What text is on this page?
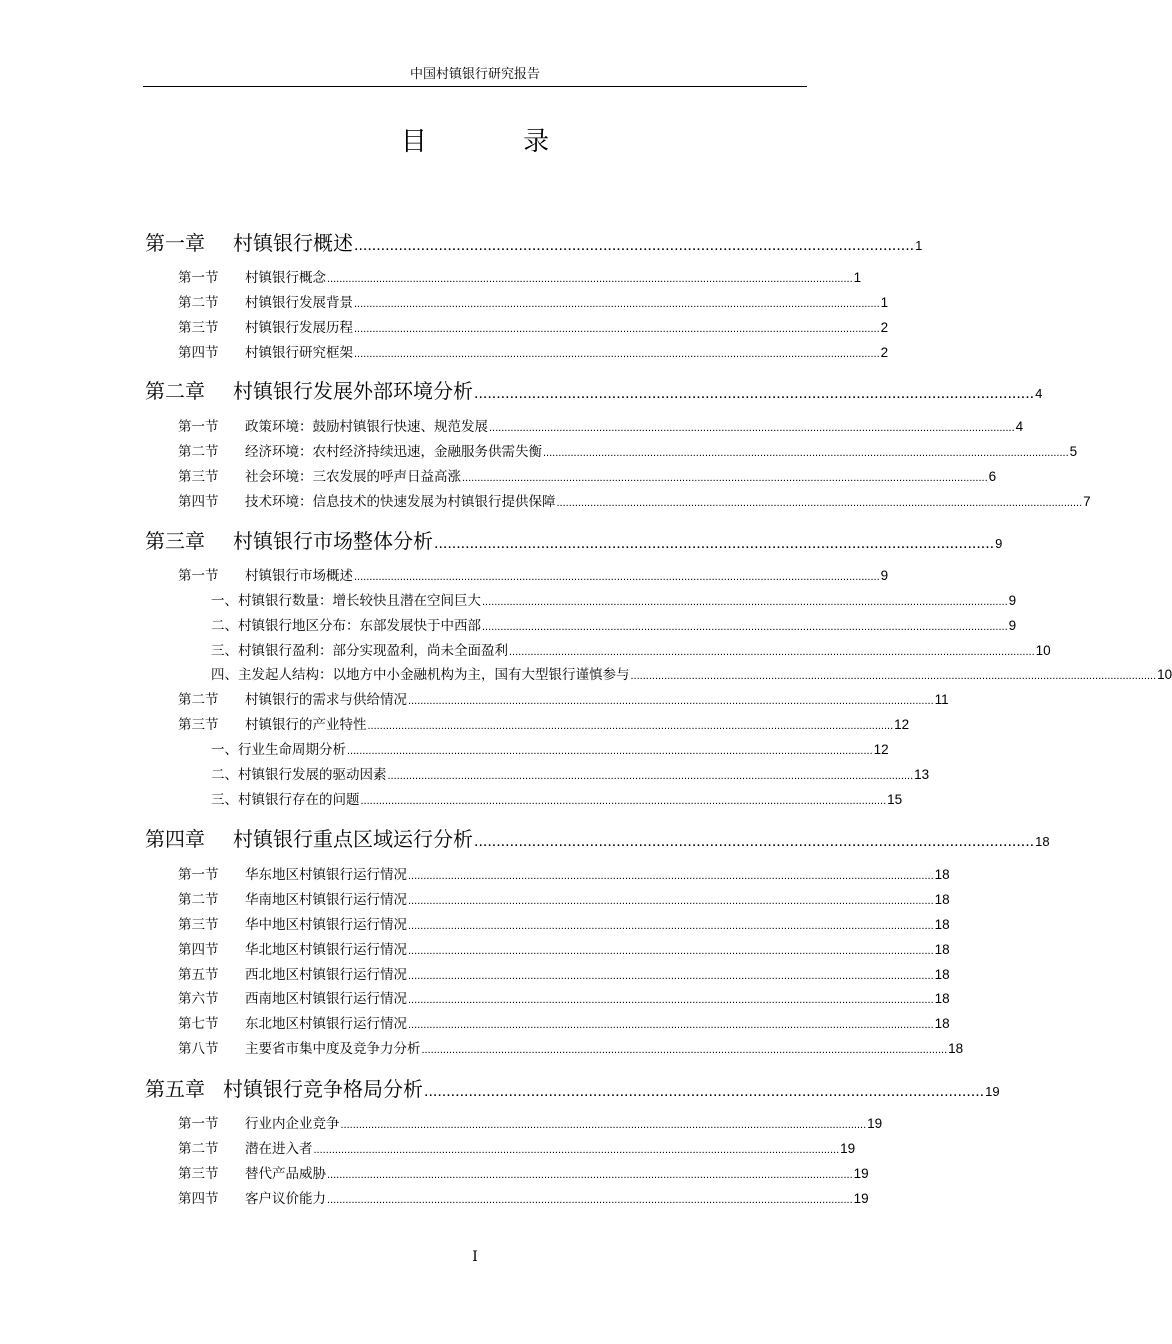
中国村镇银行研究报告
目 录
第一章 村镇银行概述 .............................................................................................................................. 1
第一节 村镇银行概念 ............................................................................................................................................................................ 1
第二节 村镇银行发展背景 ............................................................................................................................................................................ 1
第三节 村镇银行发展历程 ............................................................................................................................................................................ 2
第四节 村镇银行研究框架 ............................................................................................................................................................................ 2
第二章 村镇银行发展外部环境分析 .............................................................................................................................. 4
第一节 政策环境：鼓励村镇银行快速、规范发展 ............................................................................................................................................................................ 4
第二节 经济环境：农村经济持续迅速，金融服务供需失衡 ............................................................................................................................................................................ 5
第三节 社会环境：三农发展的呼声日益高涨 ............................................................................................................................................................................ 6
第四节 技术环境：信息技术的快速发展为村镇银行提供保障 ............................................................................................................................................................................ 7
第三章 村镇银行市场整体分析 .............................................................................................................................. 9
第一节 村镇银行市场概述 ............................................................................................................................................................................ 9
一、村镇银行数量：增长较快且潜在空间巨大 ............................................................................................................................................................................ 9
二、村镇银行地区分布：东部发展快于中西部 ............................................................................................................................................................................ 9
三、村镇银行盈利：部分实现盈利，尚未全面盈利 ............................................................................................................................................................................ 10
四、主发起人结构：以地方中小金融机构为主，国有大型银行谨慎参与 ............................................................................................................................................................................ 10
第二节 村镇银行的需求与供给情况 ............................................................................................................................................................................ 11
第三节 村镇银行的产业特性 ............................................................................................................................................................................ 12
一、行业生命周期分析 ............................................................................................................................................................................ 12
二、村镇银行发展的驱动因素 ............................................................................................................................................................................ 13
三、村镇银行存在的问题 ............................................................................................................................................................................ 15
第四章 村镇银行重点区域运行分析 .............................................................................................................................. 18
第一节 华东地区村镇银行运行情况 ............................................................................................................................................................................ 18
第二节 华南地区村镇银行运行情况 ............................................................................................................................................................................ 18
第三节 华中地区村镇银行运行情况 ............................................................................................................................................................................ 18
第四节 华北地区村镇银行运行情况 ............................................................................................................................................................................ 18
第五节 西北地区村镇银行运行情况 ............................................................................................................................................................................ 18
第六节 西南地区村镇银行运行情况 ............................................................................................................................................................................ 18
第七节 东北地区村镇银行运行情况 ............................................................................................................................................................................ 18
第八节 主要省市集中度及竞争力分析 ............................................................................................................................................................................ 18
第五章 村镇银行竞争格局分析 .............................................................................................................................. 19
第一节 行业内企业竞争 ............................................................................................................................................................................ 19
第二节 潜在进入者 ............................................................................................................................................................................ 19
第三节 替代产品威胁 ............................................................................................................................................................................ 19
第四节 客户议价能力 ............................................................................................................................................................................ 19
I
